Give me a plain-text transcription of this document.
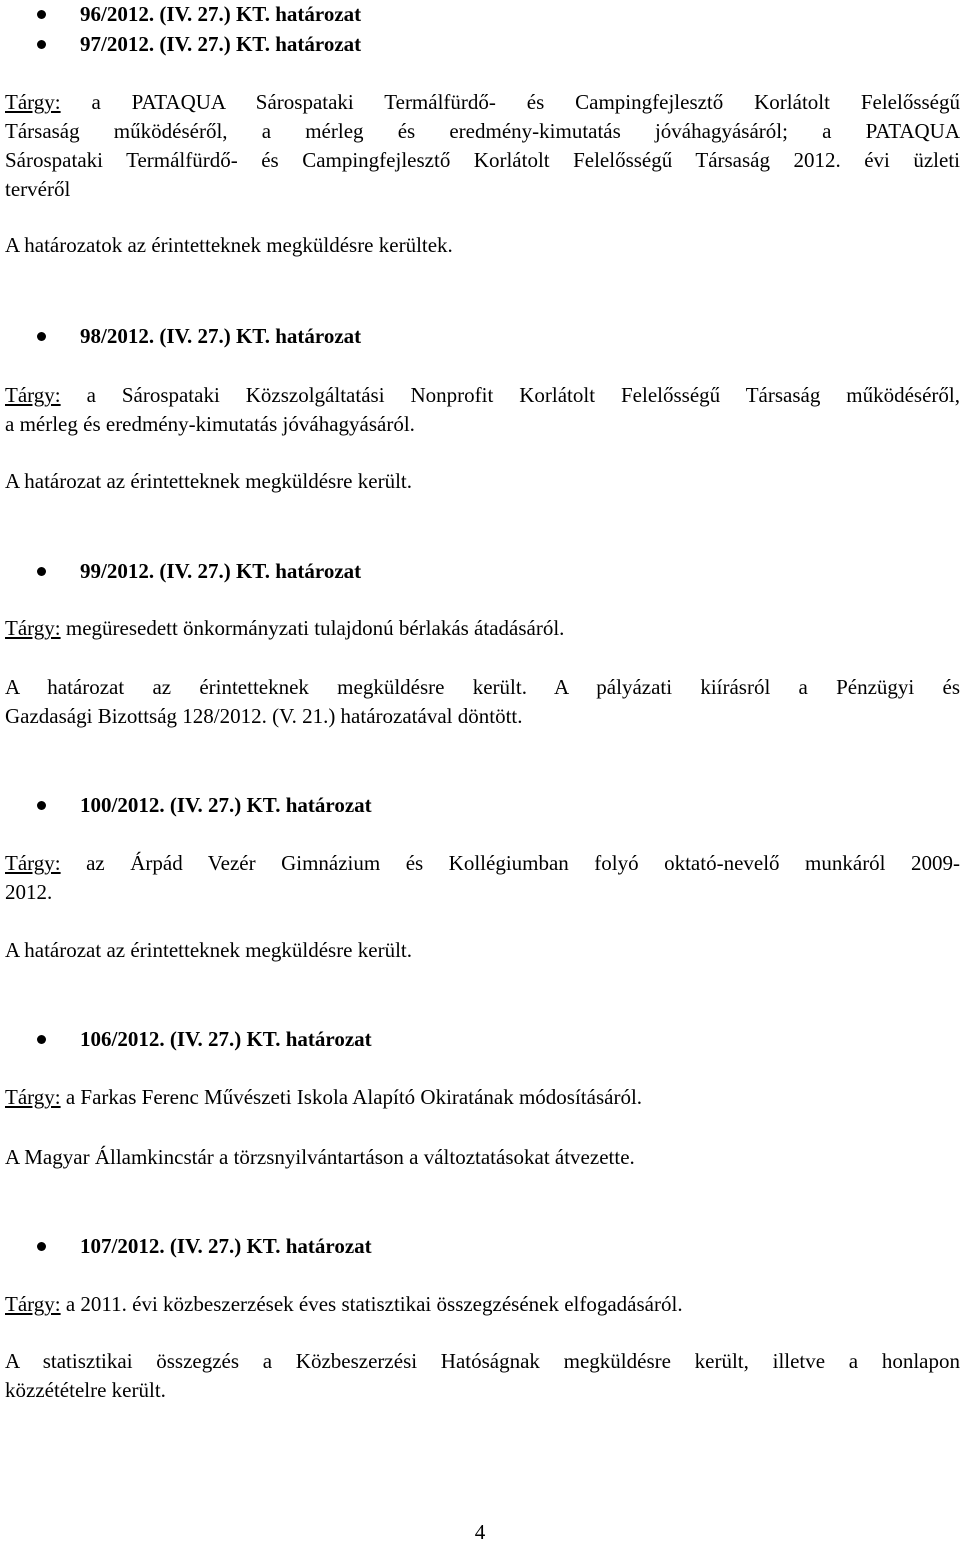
96/2012. (IV. 27.) KT. határozat
97/2012. (IV. 27.) KT. határozat
Tárgy: a PATAQUA Sárospataki Termálfürdő- és Campingfejlesztő Korlátolt Felelősségű
Társaság működéséről, a mérleg és eredmény-kimutatás jóváhagyásáról; a PATAQUA
Sárospataki Termálfürdő- és Campingfejlesztő Korlátolt Felelősségű Társaság 2012. évi üzleti
tervéről
A határozatok az érintetteknek megküldésre kerültek.
98/2012. (IV. 27.) KT. határozat
Tárgy: a Sárospataki Közszolgáltatási Nonprofit Korlátolt Felelősségű Társaság működéséről,
a mérleg és eredmény-kimutatás jóváhagyásáról.
A határozat az érintetteknek megküldésre került.
99/2012. (IV. 27.) KT. határozat
Tárgy: megüresedett önkormányzati tulajdonú bérlakás átadásáról.
A határozat az érintetteknek megküldésre került. A pályázati kiírásról a Pénzügyi és
Gazdasági Bizottság 128/2012. (V. 21.) határozatával döntött.
100/2012. (IV. 27.) KT. határozat
Tárgy: az Árpád Vezér Gimnázium és Kollégiumban folyó oktató-nevelő munkáról 2009-
2012.
A határozat az érintetteknek megküldésre került.
106/2012. (IV. 27.) KT. határozat
Tárgy: a Farkas Ferenc Művészeti Iskola Alapító Okiratának módosításáról.
A Magyar Államkincstár a törzsnyilvántartáson a változtatásokat átvezette.
107/2012. (IV. 27.) KT. határozat
Tárgy: a 2011. évi közbeszerzések éves statisztikai összegzésének elfogadásáról.
A statisztikai összegzés a Közbeszerzési Hatóságnak megküldésre került, illetve a honlapon
közzétételre került.
4
